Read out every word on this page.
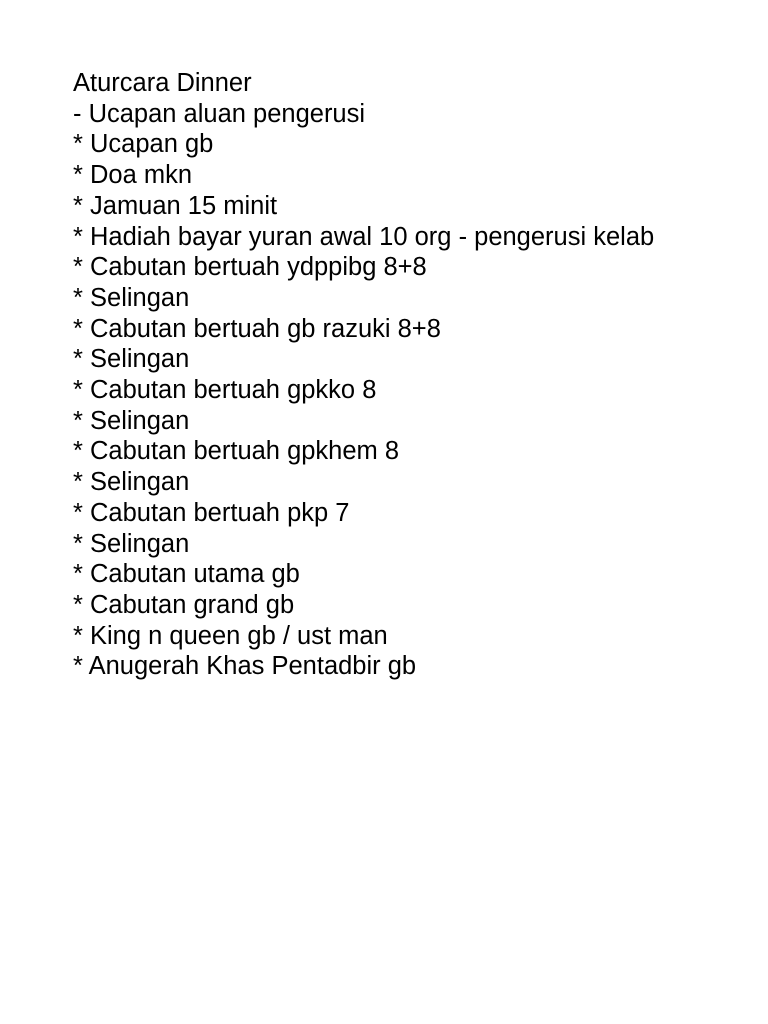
Aturcara Dinner
- Ucapan aluan pengerusi
* Ucapan gb
* Doa mkn
* Jamuan 15 minit
* Hadiah bayar yuran awal 10 org - pengerusi kelab
* Cabutan bertuah ydppibg 8+8
* Selingan
* Cabutan bertuah gb razuki 8+8
* Selingan
* Cabutan bertuah gpkko 8
* Selingan
* Cabutan bertuah gpkhem 8
* Selingan
* Cabutan bertuah pkp 7
* Selingan
* Cabutan utama gb
* Cabutan grand gb
* King n queen gb / ust man
* Anugerah Khas Pentadbir gb
